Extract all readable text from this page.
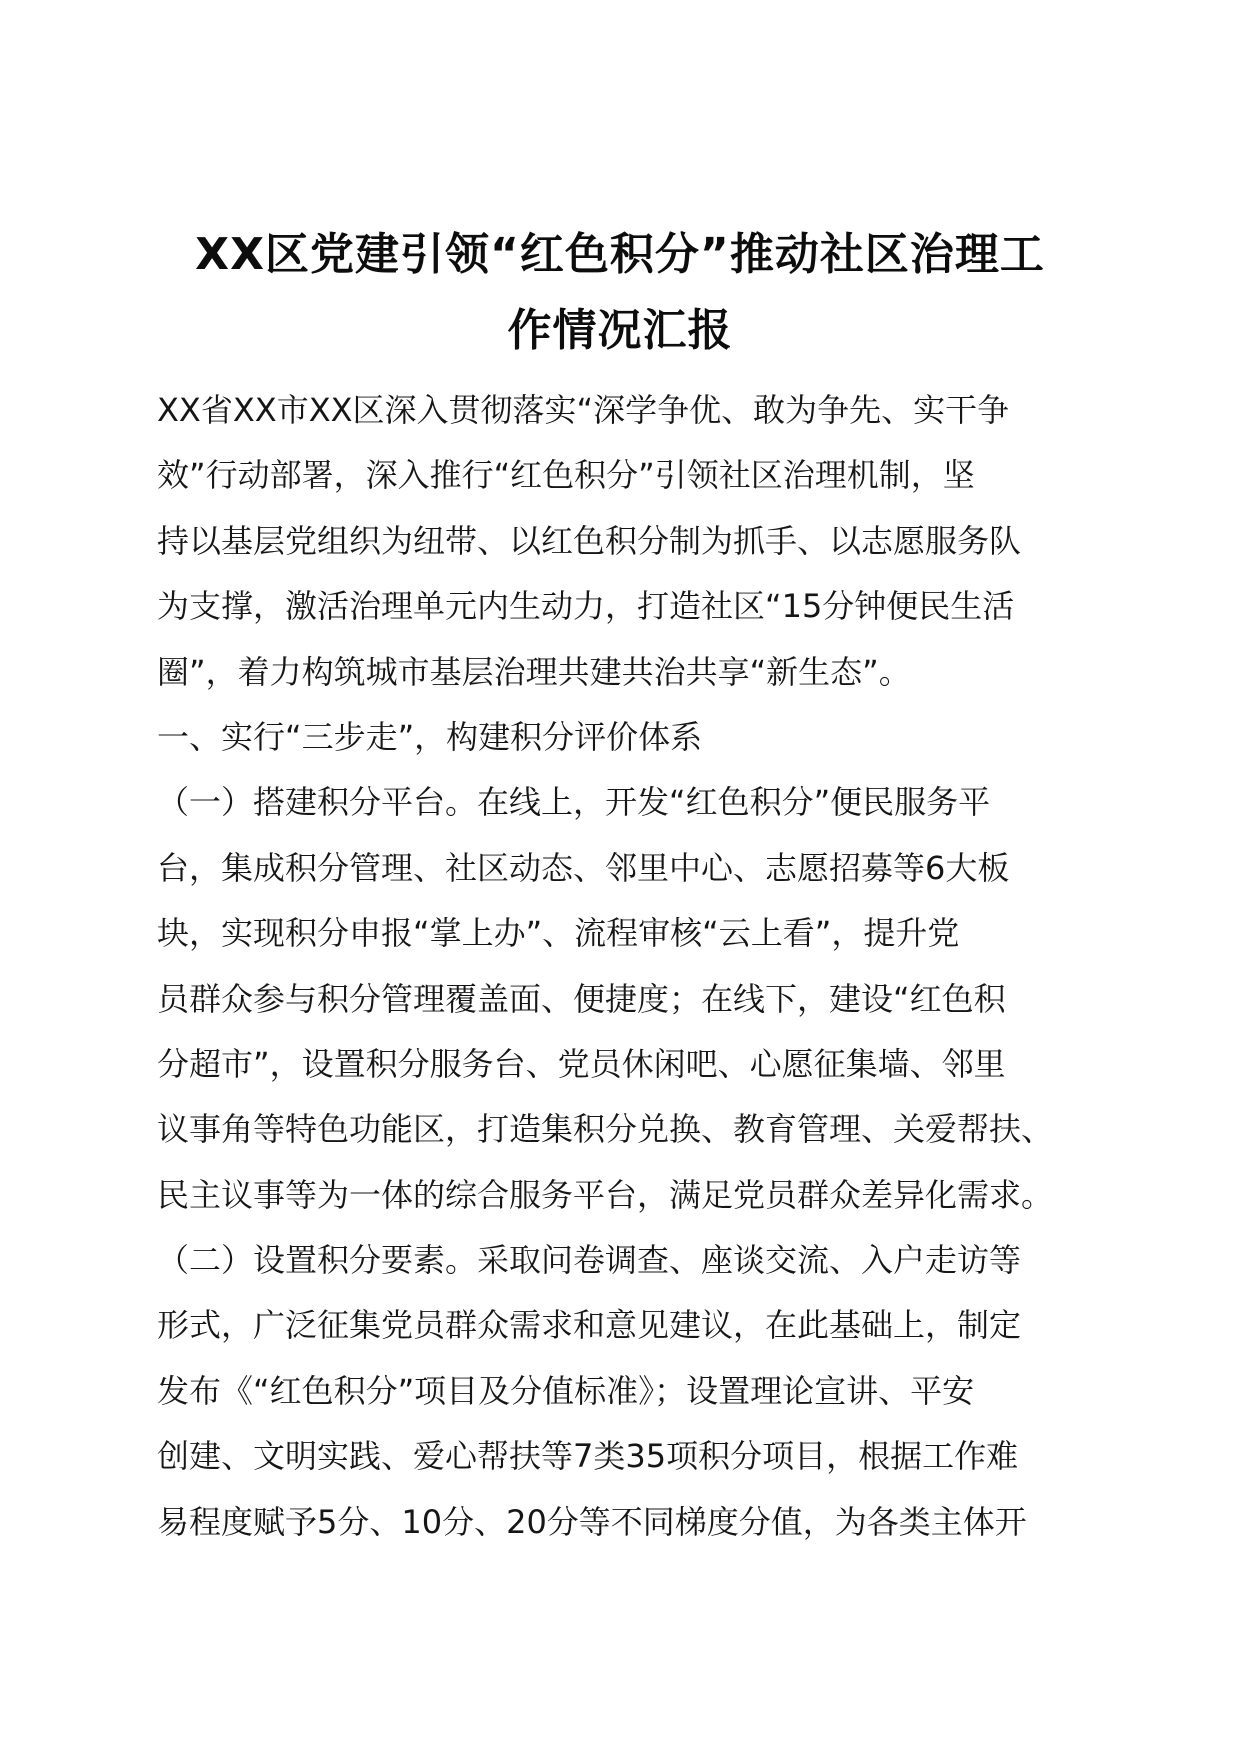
XX区党建引领“红色积分”推动社区治理工
作情况汇报
XX省XX市XX区深入贯彻落实“深学争优、敢为争先、实干争
效”行动部署，深入推行“红色积分”引领社区治理机制，坚
持以基层党组织为纽带、以红色积分制为抓手、以志愿服务队
为支撑，激活治理单元内生动力，打造社区“15分钟便民生活
圈”，着力构筑城市基层治理共建共治共享“新生态”。
一、实行“三步走”，构建积分评价体系
（一）搭建积分平台。在线上，开发“红色积分”便民服务平
台，集成积分管理、社区动态、邻里中心、志愿招募等6大板
块，实现积分申报“掌上办”、流程审核“云上看”，提升党
员群众参与积分管理覆盖面、便捷度；在线下，建设“红色积
分超市”，设置积分服务台、党员休闲吧、心愿征集墙、邻里
议事角等特色功能区，打造集积分兑换、教育管理、关爱帮扶、
民主议事等为一体的综合服务平台，满足党员群众差异化需求。
（二）设置积分要素。采取问卷调查、座谈交流、入户走访等
形式，广泛征集党员群众需求和意见建议，在此基础上，制定
发布《“红色积分”项目及分值标准》；设置理论宣讲、平安
创建、文明实践、爱心帮扶等7类35项积分项目，根据工作难
易程度赋予5分、10分、20分等不同梯度分值，为各类主体开
